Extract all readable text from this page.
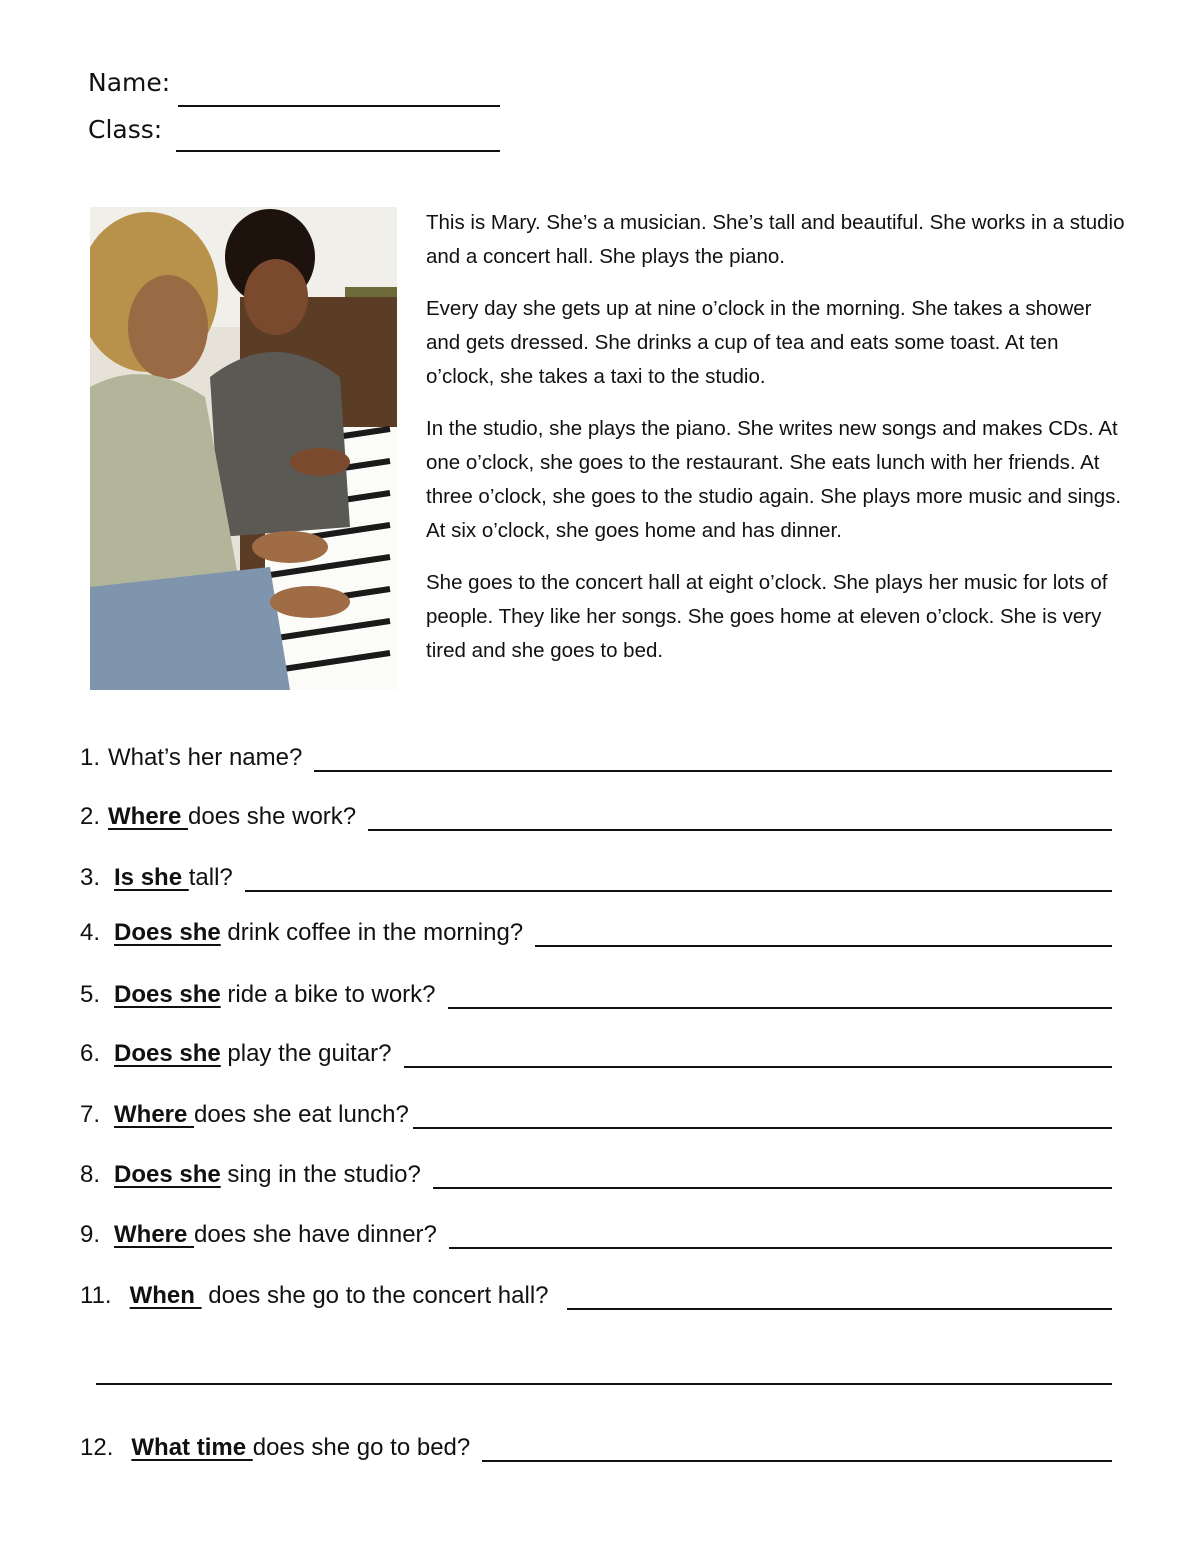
Name:
Class:

This is Mary. She’s a musician. She’s tall and beautiful. She works in a studio and a concert hall. She plays the piano.

Every day she gets up at nine o’clock in the morning. She takes a shower and gets dressed. She drinks a cup of tea and eats some toast. At ten o’clock, she takes a taxi to the studio.

In the studio, she plays the piano. She writes new songs and makes CDs. At one o’clock, she goes to the restaurant. She eats lunch with her friends. At three o’clock, she goes to the studio again. She plays more music and sings. At six o’clock, she goes home and has dinner.

She goes to the concert hall at eight o’clock. She plays her music for lots of people. They like her songs. She goes home at eleven o’clock. She is very tired and she goes to bed.

1. What’s her name?
2. Where does she work?
3. Is she tall?
4. Does she drink coffee in the morning?
5. Does she ride a bike to work?
6. Does she play the guitar?
7. Where does she eat lunch?
8. Does she sing in the studio?
9. Where does she have dinner?
11. When does she go to the concert hall?
12. What time does she go to bed?
